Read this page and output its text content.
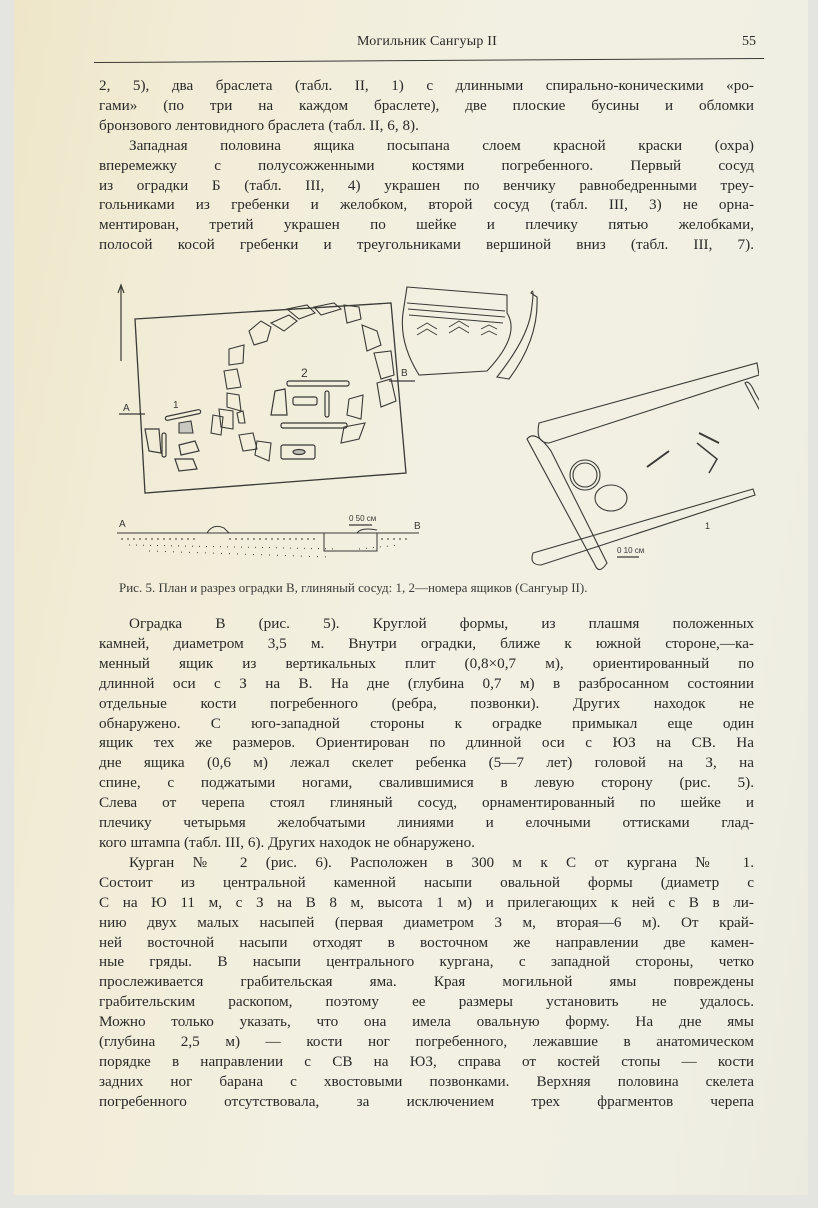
Могильник Сангуыр II	55

2, 5), два браслета (табл. II, 1) с длинными спирально-коническими «ро-
гами» (по три на каждом браслете), две плоские бусины и обломки
бронзового лентовидного браслета (табл. II, 6, 8).

Западная половина ящика посыпана слоем красной краски (охра)
вперемежку с полусожженными костями погребенного. Первый сосуд
из оградки Б (табл. III, 4) украшен по венчику равнобедренными треу-
гольниками из гребенки и желобком, второй сосуд (табл. III, 3) не орна-
ментирован, третий украшен по шейке и плечику пятью желобками,
полосой косой гребенки и треугольниками вершиной вниз (табл. III, 7).

А
В
1
2
0 50 см
А	В	1
0 10 см
Рис. 5. План и разрез оградки В, глиняный сосуд: 1, 2—номера ящиков (Сангуыр II).

Оградка В (рис. 5). Круглой формы, из плашмя положенных
камней, диаметром 3,5 м. Внутри оградки, ближе к южной стороне,—ка-
менный ящик из вертикальных плит (0,8×0,7 м), ориентированный по
длинной оси с З на В. На дне (глубина 0,7 м) в разбросанном состоянии
отдельные кости погребенного (ребра, позвонки). Других находок не
обнаружено. С юго-западной стороны к оградке примыкал еще один
ящик тех же размеров. Ориентирован по длинной оси с ЮЗ на СВ. На
дне ящика (0,6 м) лежал скелет ребенка (5—7 лет) головой на З, на
спине, с поджатыми ногами, свалившимися в левую сторону (рис. 5).
Слева от черепа стоял глиняный сосуд, орнаментированный по шейке и
плечику четырьмя желобчатыми линиями и елочными оттисками глад-
кого штампа (табл. III, 6). Других находок не обнаружено.

Курган № 2 (рис. 6). Расположен в 300 м к С от кургана № 1.
Состоит из центральной каменной насыпи овальной формы (диаметр с
С на Ю 11 м, с З на В 8 м, высота 1 м) и прилегающих к ней с В в ли-
нию двух малых насыпей (первая диаметром 3 м, вторая—6 м). От край-
ней восточной насыпи отходят в восточном же направлении две камен-
ные гряды. В насыпи центрального кургана, с западной стороны, четко
прослеживается грабительская яма. Края могильной ямы повреждены
грабительским раскопом, поэтому ее размеры установить не удалось.
Можно только указать, что она имела овальную форму. На дне ямы
(глубина 2,5 м) — кости ног погребенного, лежавшие в анатомическом
порядке в направлении с СВ на ЮЗ, справа от костей стопы — кости
задних ног барана с хвостовыми позвонками. Верхняя половина скелета
погребенного отсутствовала, за исключением трех фрагментов черепа
